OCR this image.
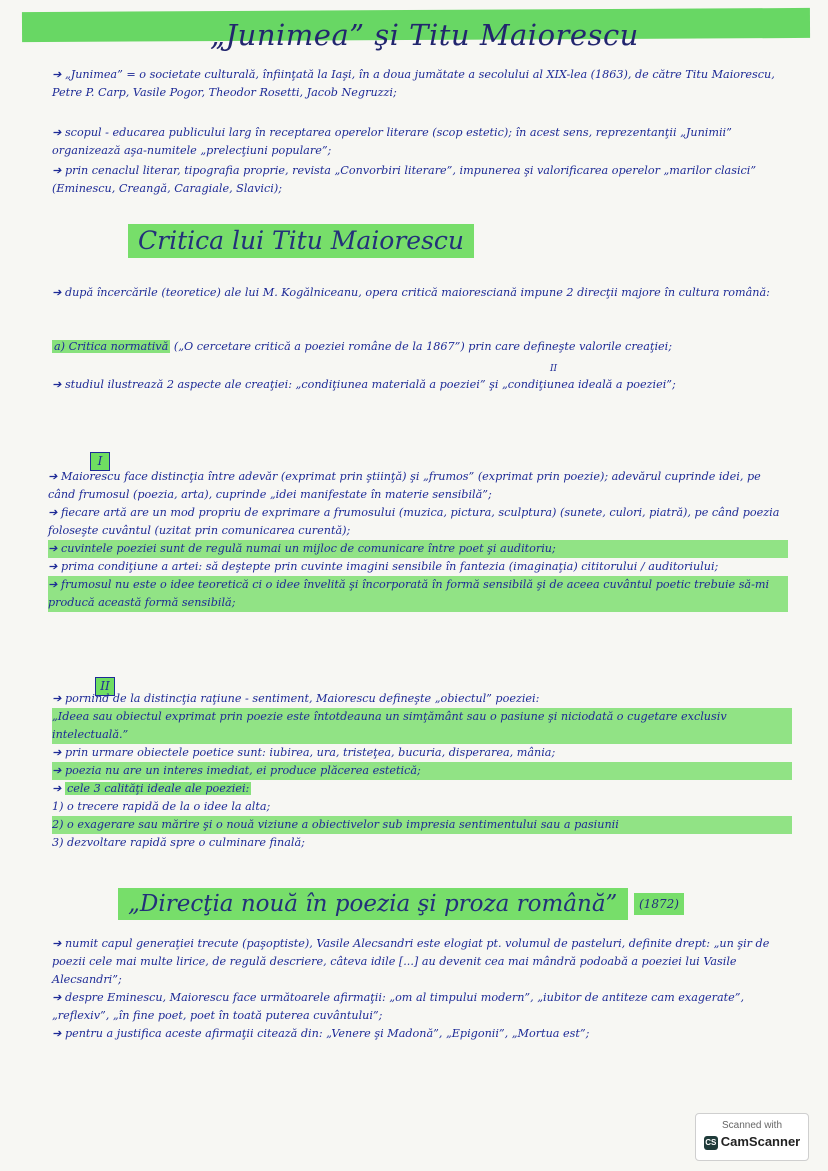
„Junimea” şi Titu Maiorescu
➔ „Junimea” = o societate culturală, înfiinţată la Iaşi, în a doua jumătate a secolului al XIX-lea (1863), de către Titu Maiorescu, Petre P. Carp, Vasile Pogor, Theodor Rosetti, Jacob Negruzzi;
➔ scopul - educarea publicului larg în receptarea operelor literare (scop estetic); în acest sens, reprezentanţii „Junimii” organizează aşa-numitele „prelecţiuni populare”;
➔ prin cenaclul literar, tipografia proprie, revista „Convorbiri literare”, impunerea şi valorificarea operelor „marilor clasici” (Eminescu, Creangă, Caragiale, Slavici);
Critica lui Titu Maiorescu
➔ după încercările (teoretice) ale lui M. Kogălniceanu, opera critică maioresciană impune 2 direcţii majore în cultura română:
a) Critica normativă („O cercetare critică a poeziei române de la 1867”) prin care defineşte valorile creaţiei;
➔ studiul ilustrează 2 aspecte ale creaţiei: „condiţiunea materială a poeziei” şi „condiţiunea ideală a poeziei”;
II
I
➔ Maiorescu face distincţia între adevăr (exprimat prin ştiinţă) şi „frumos” (exprimat prin poezie); adevărul cuprinde idei, pe când frumosul (poezia, arta), cuprinde „idei manifestate în materie sensibilă”;
➔ fiecare artă are un mod propriu de exprimare a frumosului (muzica, pictura, sculptura) (sunete, culori, piatră), pe când poezia foloseşte cuvântul (uzitat prin comunicarea curentă);
➔ cuvintele poeziei sunt de regulă numai un mijloc de comunicare între poet şi auditoriu;
➔ prima condiţiune a artei: să deştepte prin cuvinte imagini sensibile în fantezia (imaginaţia) cititorului / auditoriului;
➔ frumosul nu este o idee teoretică ci o idee învelită şi încorporată în formă sensibilă şi de aceea cuvântul poetic trebuie să-mi producă această formă sensibilă;
II
➔ pornind de la distincţia raţiune - sentiment, Maiorescu defineşte „obiectul” poeziei:
„Ideea sau obiectul exprimat prin poezie este întotdeauna un simţământ sau o pasiune şi niciodată o cugetare exclusiv intelectuală.”
➔ prin urmare obiectele poetice sunt: iubirea, ura, tristeţea, bucuria, disperarea, mânia;
➔ poezia nu are un interes imediat, ei produce plăcerea estetică;
➔ cele 3 calităţi ideale ale poeziei:
1) o trecere rapidă de la o idee la alta;
2) o exagerare sau mărire şi o nouă viziune a obiectivelor sub impresia sentimentului sau a pasiunii
3) dezvoltare rapidă spre o culminare finală;
„Direcţia nouă în poezia şi proza română”	(1872)
➔ numit capul generaţiei trecute (paşoptiste), Vasile Alecsandri este elogiat pt. volumul de pasteluri, definite drept: „un şir de poezii cele mai multe lirice, de regulă descriere, câteva idile [...] au devenit cea mai mândră podoabă a poeziei lui Vasile Alecsandri”;
➔ despre Eminescu, Maiorescu face următoarele afirmaţii: „om al timpului modern”, „iubitor de antiteze cam exagerate”, „reflexiv”, „în fine poet, poet în toată puterea cuvântului”;
➔ pentru a justifica aceste afirmaţii citează din: „Venere şi Madonă”, „Epigonii”, „Mortua est”;
Scanned with
CS CamScanner
